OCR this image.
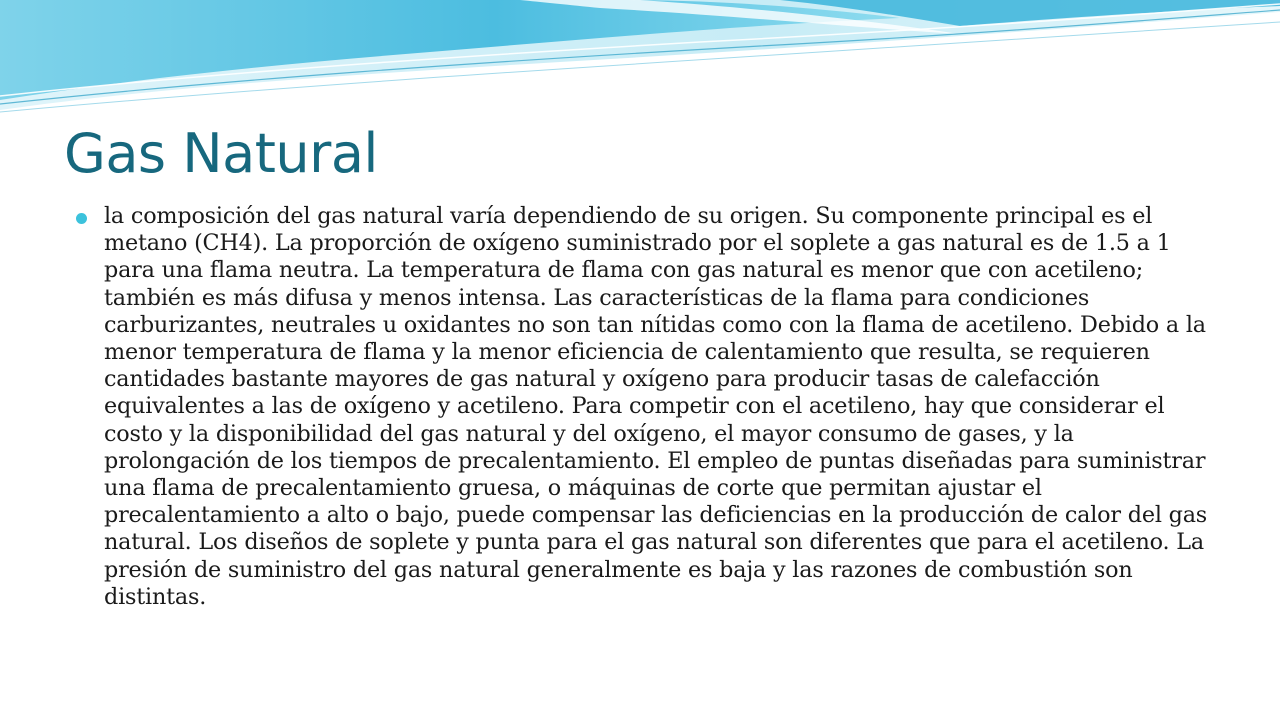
Gas Natural

la composición del gas natural varía dependiendo de su origen. Su componente principal es el metano (CH4). La proporción de oxígeno suministrado por el soplete a gas natural es de 1.5 a 1 para una flama neutra. La temperatura de flama con gas natural es menor que con acetileno; también es más difusa y menos intensa. Las características de la flama para condiciones carburizantes, neutrales u oxidantes no son tan nítidas como con la flama de acetileno. Debido a la menor temperatura de flama y la menor eficiencia de calentamiento que resulta, se requieren cantidades bastante mayores de gas natural y oxígeno para producir tasas de calefacción equivalentes a las de oxígeno y acetileno. Para competir con el acetileno, hay que considerar el costo y la disponibilidad del gas natural y del oxígeno, el mayor consumo de gases, y la prolongación de los tiempos de precalentamiento. El empleo de puntas diseñadas para suministrar una flama de precalentamiento gruesa, o máquinas de corte que permitan ajustar el precalentamiento a alto o bajo, puede compensar las deficiencias en la producción de calor del gas natural. Los diseños de soplete y punta para el gas natural son diferentes que para el acetileno. La presión de suministro del gas natural generalmente es baja y las razones de combustión son distintas.
